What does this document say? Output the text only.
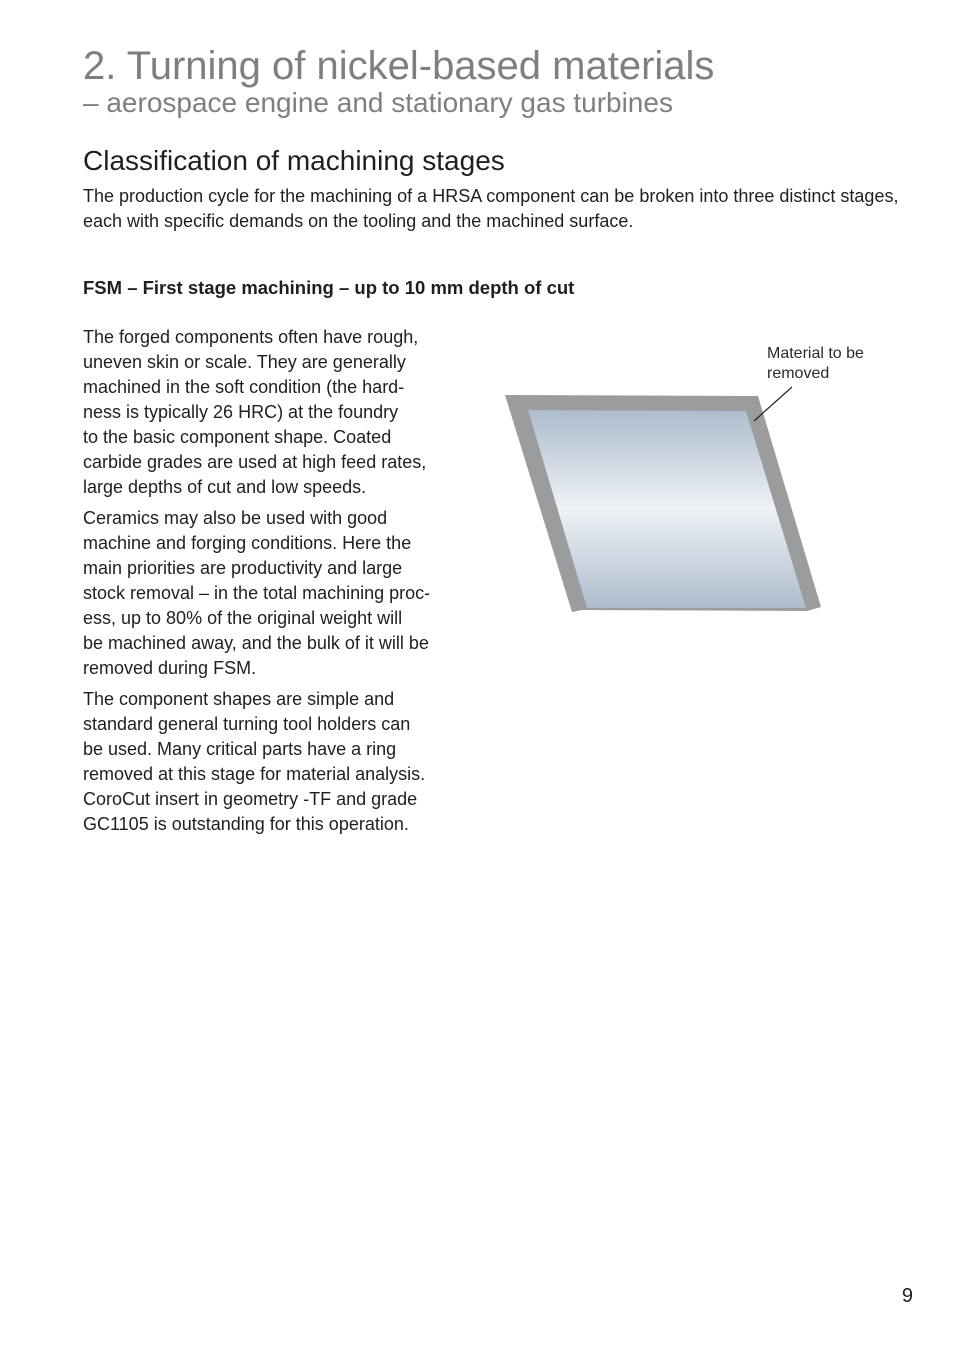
2. Turning of nickel-based materials
– aerospace engine and stationary gas turbines
Classification of machining stages

The production cycle for the machining of a HRSA component can be broken into three distinct stages, each with specific demands on the tooling and the machined surface.

FSM – First stage machining – up to 10 mm depth of cut

The forged components often have rough,
uneven skin or scale. They are generally
machined in the soft condition (the hard-
ness is typically 26 HRC) at the foundry
to the basic component shape. Coated
carbide grades are used at high feed rates,
large depths of cut and low speeds.

Ceramics may also be used with good
machine and forging conditions. Here the
main priorities are productivity and large
stock removal – in the total machining proc-
ess, up to 80% of the original weight will
be machined away, and the bulk of it will be
removed during FSM.

The component shapes are simple and
standard general turning tool holders can
be used. Many critical parts have a ring
removed at this stage for material analysis.
CoroCut insert in geometry -TF and grade
GC1105 is outstanding for this operation.

Material to be
removed
9
